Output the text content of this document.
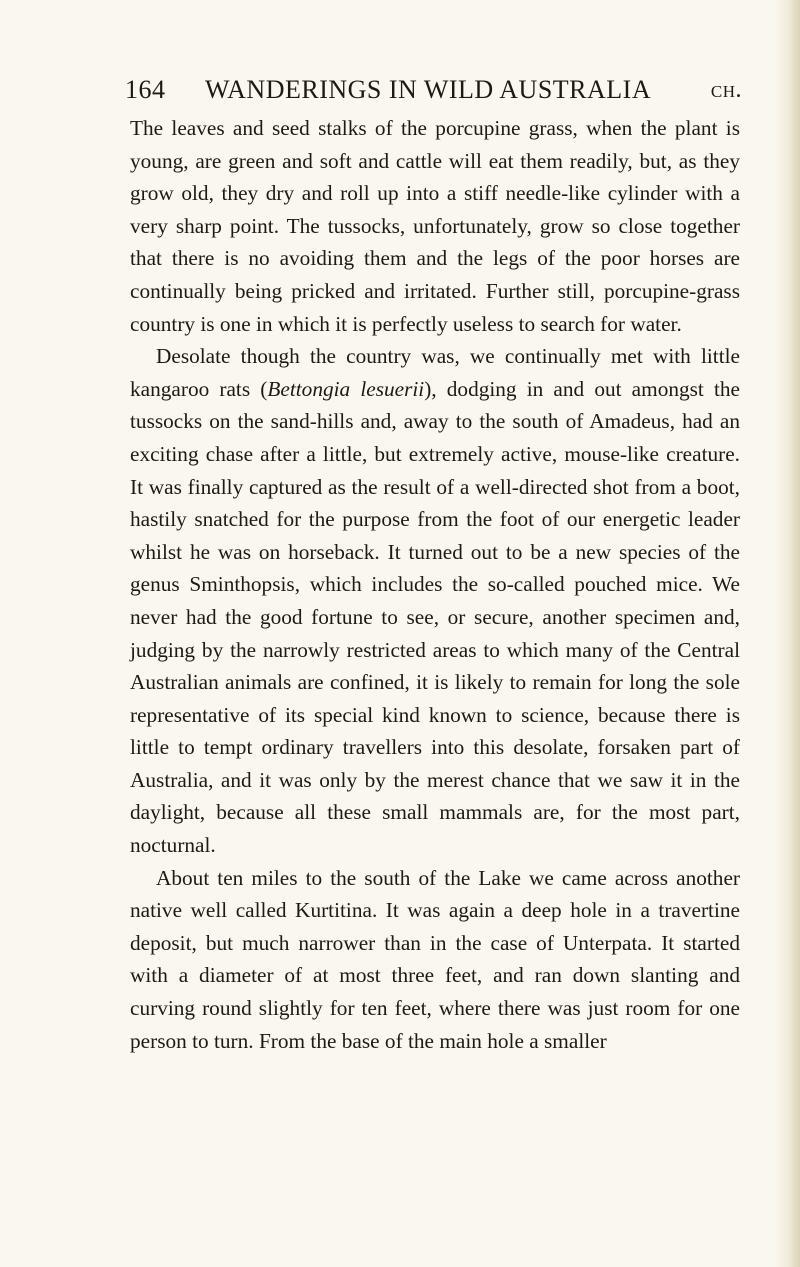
164 WANDERINGS IN WILD AUSTRALIA ch.

The leaves and seed stalks of the porcupine grass, when the plant is young, are green and soft and cattle will eat them readily, but, as they grow old, they dry and roll up into a stiff needle-like cylinder with a very sharp point. The tussocks, unfortunately, grow so close together that there is no avoiding them and the legs of the poor horses are continually being pricked and irritated. Further still, porcupine-grass country is one in which it is perfectly useless to search for water.

Desolate though the country was, we continually met with little kangaroo rats (Bettongia lesuerii), dodging in and out amongst the tussocks on the sand-hills and, away to the south of Amadeus, had an exciting chase after a little, but extremely active, mouse-like creature. It was finally captured as the result of a well-directed shot from a boot, hastily snatched for the purpose from the foot of our energetic leader whilst he was on horseback. It turned out to be a new species of the genus Sminthopsis, which includes the so-called pouched mice. We never had the good fortune to see, or secure, another specimen and, judging by the narrowly restricted areas to which many of the Central Australian animals are confined, it is likely to remain for long the sole representative of its special kind known to science, because there is little to tempt ordinary travellers into this desolate, forsaken part of Australia, and it was only by the merest chance that we saw it in the daylight, because all these small mammals are, for the most part, nocturnal.

About ten miles to the south of the Lake we came across another native well called Kurtitina. It was again a deep hole in a travertine deposit, but much narrower than in the case of Unterpata. It started with a diameter of at most three feet, and ran down slanting and curving round slightly for ten feet, where there was just room for one person to turn. From the base of the main hole a smaller
